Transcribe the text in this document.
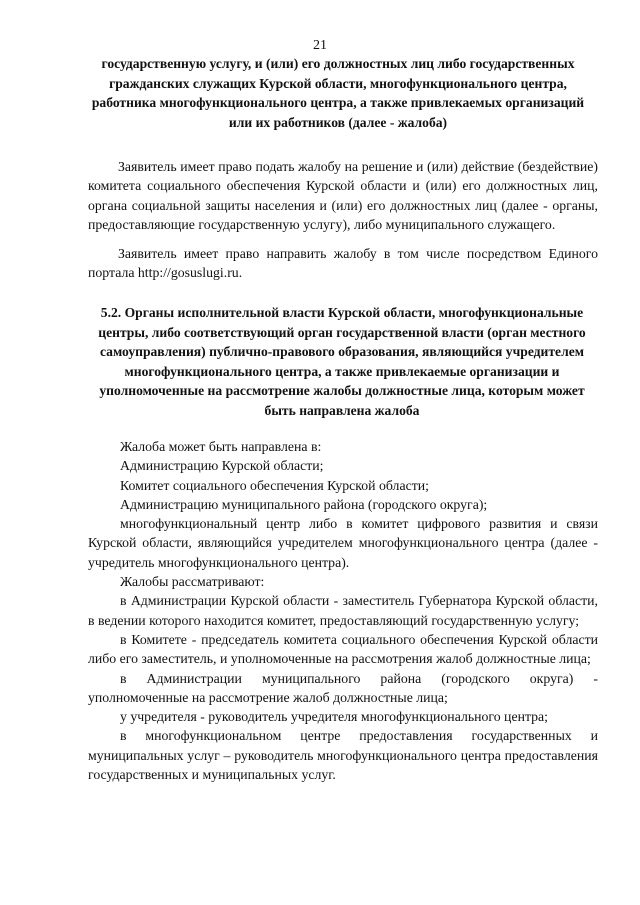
21
государственную услугу, и (или) его должностных лиц либо государственных гражданских служащих Курской области, многофункционального центра, работника многофункционального центра, а также привлекаемых организаций или их работников (далее - жалоба)
Заявитель имеет право подать жалобу на решение и (или) действие (бездействие) комитета социального обеспечения Курской области и (или) его должностных лиц, органа социальной защиты населения и (или) его должностных лиц (далее - органы, предоставляющие государственную услугу), либо муниципального служащего.
Заявитель имеет право направить жалобу в том числе посредством Единого портала http://gosuslugi.ru.
5.2. Органы исполнительной власти Курской области, многофункциональные центры, либо соответствующий орган государственной власти (орган местного самоуправления) публично-правового образования, являющийся учредителем многофункционального центра, а также привлекаемые организации и уполномоченные на рассмотрение жалобы должностные лица, которым может быть направлена жалоба
Жалоба может быть направлена в:
Администрацию Курской области;
Комитет социального обеспечения Курской области;
Администрацию муниципального района (городского округа);
многофункциональный центр либо в комитет цифрового развития и связи Курской области, являющийся учредителем многофункционального центра (далее - учредитель многофункционального центра).
Жалобы рассматривают:
в Администрации Курской области - заместитель Губернатора Курской области, в ведении которого находится комитет, предоставляющий государственную услугу;
в Комитете - председатель комитета социального обеспечения Курской области либо его заместитель, и уполномоченные на рассмотрения жалоб должностные лица;
в Администрации муниципального района (городского округа) - уполномоченные на рассмотрение жалоб должностные лица;
у учредителя - руководитель учредителя многофункционального центра;
в многофункциональном центре предоставления государственных и муниципальных услуг – руководитель многофункционального центра предоставления государственных и муниципальных услуг.
